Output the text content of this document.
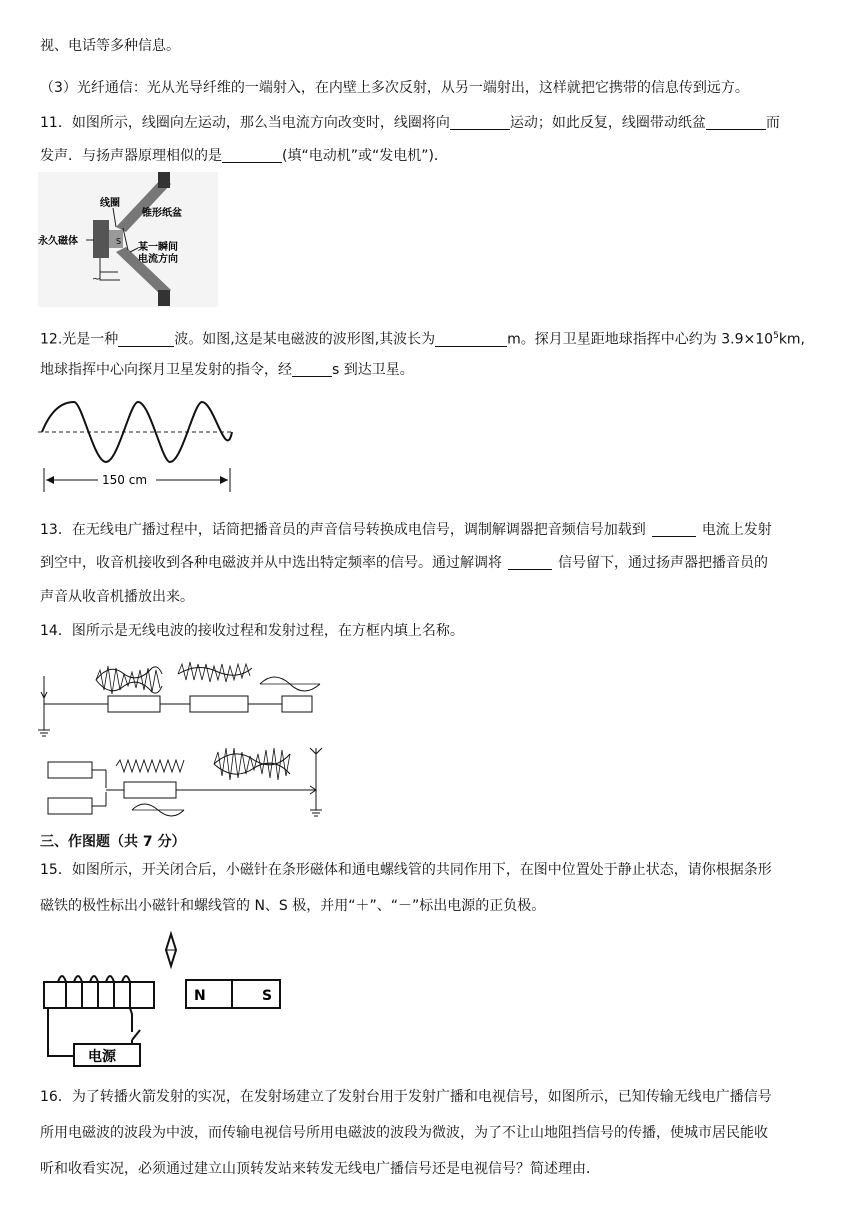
视、电话等多种信息。
（3）光纤通信：光从光导纤维的一端射入，在内壁上多次反射，从另一端射出，这样就把它携带的信息传到远方。
11．如图所示，线圈向左运动，那么当电流方向改变时，线圈将向	运动；如此反复，线圈带动纸盆	而
发声．与扬声器原理相似的是	(填“电动机”或“发电机”)．
S
~
线圈
锥形纸盆
永久磁体
某一瞬间
电流方向
12.光是一种	波。如图,这是某电磁波的波形图,其波长为	m。探月卫星距地球指挥中心约为 $3.9\times 10^5km$,
地球指挥中心向探月卫星发射的指令，经	s 到达卫星。
150 cm
13．在无线电广播过程中，话筒把播音员的声音信号转换成电信号，调制解调器把音频信号加载到	电流上发射
到空中，收音机接收到各种电磁波并从中选出特定频率的信号。通过解调将	信号留下，通过扬声器把播音员的
声音从收音机播放出来。
14．图所示是无线电波的接收过程和发射过程，在方框内填上名称。
三、作图题（共 7 分）
15．如图所示，开关闭合后，小磁针在条形磁体和通电螺线管的共同作用下，在图中位置处于静止状态，请你根据条形
磁铁的极性标出小磁针和螺线管的 N、S 极，并用“＋”、“－”标出电源的正负极。
电源
N	S
16．为了转播火箭发射的实况，在发射场建立了发射台用于发射广播和电视信号，如图所示，已知传输无线电广播信号
所用电磁波的波段为中波，而传输电视信号所用电磁波的波段为微波，为了不让山地阻挡信号的传播，使城市居民能收
听和收看实况，必须通过建立山顶转发站来转发无线电广播信号还是电视信号？简述理由．
